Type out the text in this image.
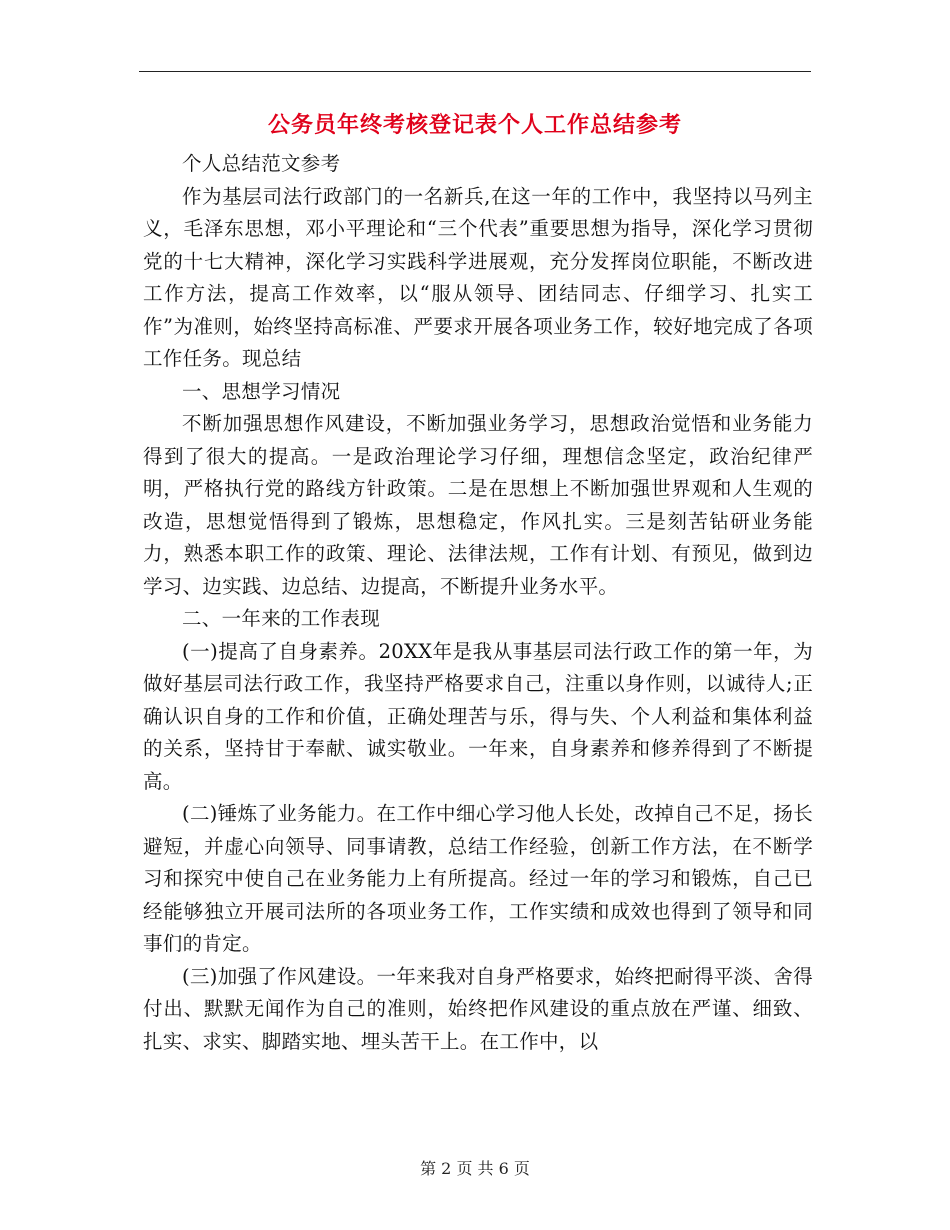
公务员年终考核登记表个人工作总结参考

个人总结范文参考

作为基层司法行政部门的一名新兵,在这一年的工作中，我坚持以马列主义，毛泽东思想，邓小平理论和“三个代表”重要思想为指导，深化学习贯彻党的十七大精神，深化学习实践科学进展观，充分发挥岗位职能，不断改进工作方法，提高工作效率，以“服从领导、团结同志、仔细学习、扎实工作”为准则，始终坚持高标准、严要求开展各项业务工作，较好地完成了各项工作任务。现总结

一、思想学习情况

不断加强思想作风建设，不断加强业务学习，思想政治觉悟和业务能力得到了很大的提高。一是政治理论学习仔细，理想信念坚定，政治纪律严明，严格执行党的路线方针政策。二是在思想上不断加强世界观和人生观的改造，思想觉悟得到了锻炼，思想稳定，作风扎实。三是刻苦钻研业务能力，熟悉本职工作的政策、理论、法律法规，工作有计划、有预见，做到边学习、边实践、边总结、边提高，不断提升业务水平。

二、一年来的工作表现

(一)提高了自身素养。20XX年是我从事基层司法行政工作的第一年，为做好基层司法行政工作，我坚持严格要求自己，注重以身作则，以诚待人;正确认识自身的工作和价值，正确处理苦与乐，得与失、个人利益和集体利益的关系，坚持甘于奉献、诚实敬业。一年来，自身素养和修养得到了不断提高。

(二)锤炼了业务能力。在工作中细心学习他人长处，改掉自己不足，扬长避短，并虚心向领导、同事请教，总结工作经验，创新工作方法，在不断学习和探究中使自己在业务能力上有所提高。经过一年的学习和锻炼，自己已经能够独立开展司法所的各项业务工作，工作实绩和成效也得到了领导和同事们的肯定。

(三)加强了作风建设。一年来我对自身严格要求，始终把耐得平淡、舍得付出、默默无闻作为自己的准则，始终把作风建设的重点放在严谨、细致、扎实、求实、脚踏实地、埋头苦干上。在工作中，以

第 2 页 共 6 页
